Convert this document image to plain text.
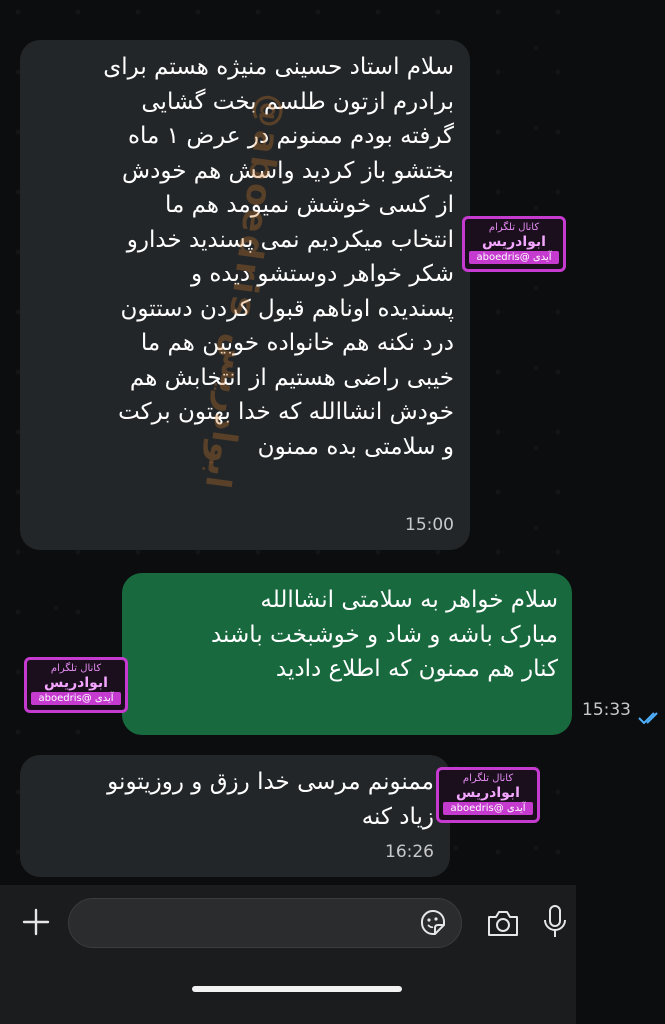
سلام استاد حسینی منیژه هستم برای
برادرم ازتون طلسم بخت گشایی
گرفته بودم ممنونم در عرض ۱ ماه
بختشو باز کردید واسش هم خودش
از کسی خوشش نمیومد هم ما
انتخاب میکردیم نمی پسندید خدارو
شکر خواهر دوستشو دیده و
پسندیده اوناهم قبول کردن دستتون
درد نکنه هم خانواده خوبین هم ما
خیبی راضی هستیم از انتخابش هم
خودش انشاالله که خدا بهتون برکت
و سلامتی بده ممنون
15:00
سلام خواهر به سلامتی انشاالله
مبارک باشه و شاد و خوشبخت باشند
کنار هم ممنون که اطلاع دادید
15:33
ممنونم مرسی خدا رزق و روزیتونو
زیاد کنه
16:26
@aboedris ابوادریس
کانال تلگرام
ابوادریس
آیدی @aboedris
کانال تلگرام
ابوادریس
آیدی @aboedris
کانال تلگرام
ابوادریس
آیدی @aboedris
